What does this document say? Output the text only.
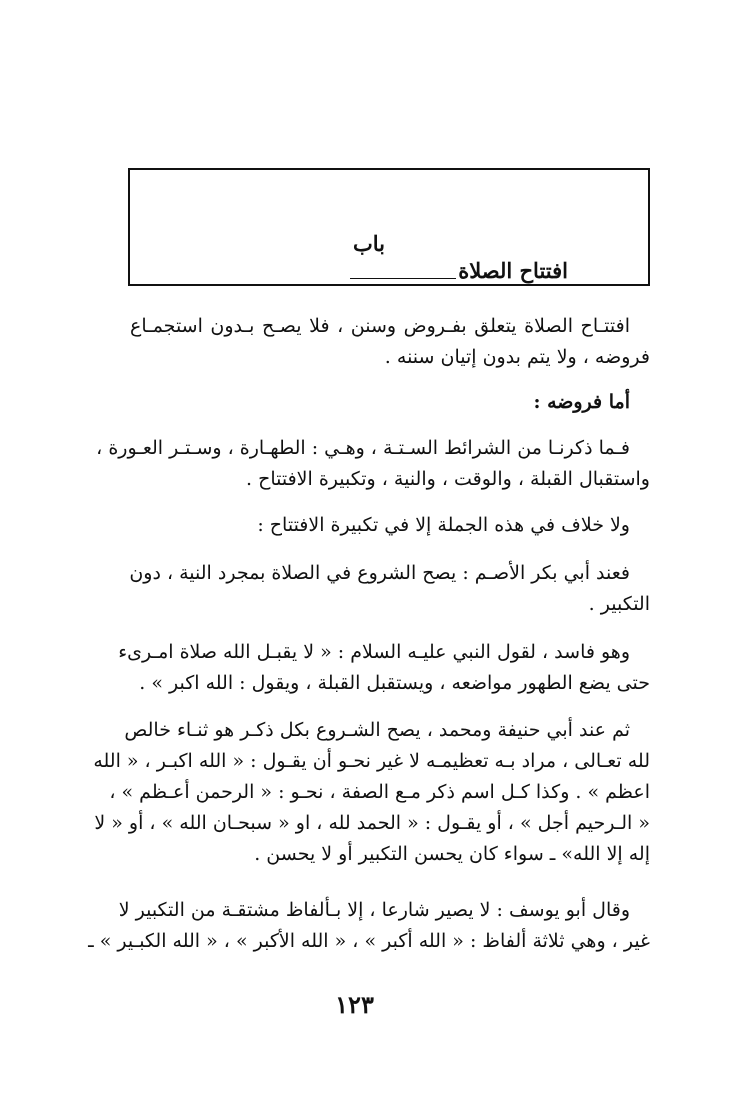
باب
افتتاح الصلاة
افتتـاح الصلاة يتعلق بفـروض وسنن ، فلا يصـح بـدون استجمـاع
فروضه ، ولا يتم بدون إتيان سننه .
أما فروضه :
فـما ذكرنـا من الشرائط السـتـة ، وهـي : الطهـارة ، وسـتـر العـورة ،
واستقبال القبلة ، والوقت ، والنية ، وتكبيرة الافتتاح .
ولا خلاف في هذه الجملة إلا في تكبيرة الافتتاح :
فعند أبي بكر الأصـم : يصح الشروع في الصلاة بمجرد النية ، دون
التكبير .
وهو فاسد ، لقول النبي عليـه السلام : « لا يقبـل الله صلاة امـرىء
حتى يضع الطهور مواضعه ، ويستقبل القبلة ، ويقول : الله اكبر » .
ثم عند أبي حنيفة ومحمد ، يصح الشـروع بكل ذكـر هو ثنـاء خالص
لله تعـالى ، مراد بـه تعظيمـه لا غير نحـو أن يقـول : « الله اكبـر ، « الله
اعظم » . وكذا كـل اسم ذكر مـع الصفة ، نحـو : « الرحمن أعـظم » ،
« الـرحيم أجل » ، أو يقـول : « الحمد لله ، او « سبحـان الله » ، أو « لا
إله إلا الله» ـ سواء كان يحسن التكبير أو لا يحسن .
وقال أبو يوسف : لا يصير شارعا ، إلا بـألفاظ مشتقـة من التكبير لا
غير ، وهي ثلاثة ألفاظ : « الله أكبر » ، « الله الأكبر » ، « الله الكبـير » ـ
١٢٣
